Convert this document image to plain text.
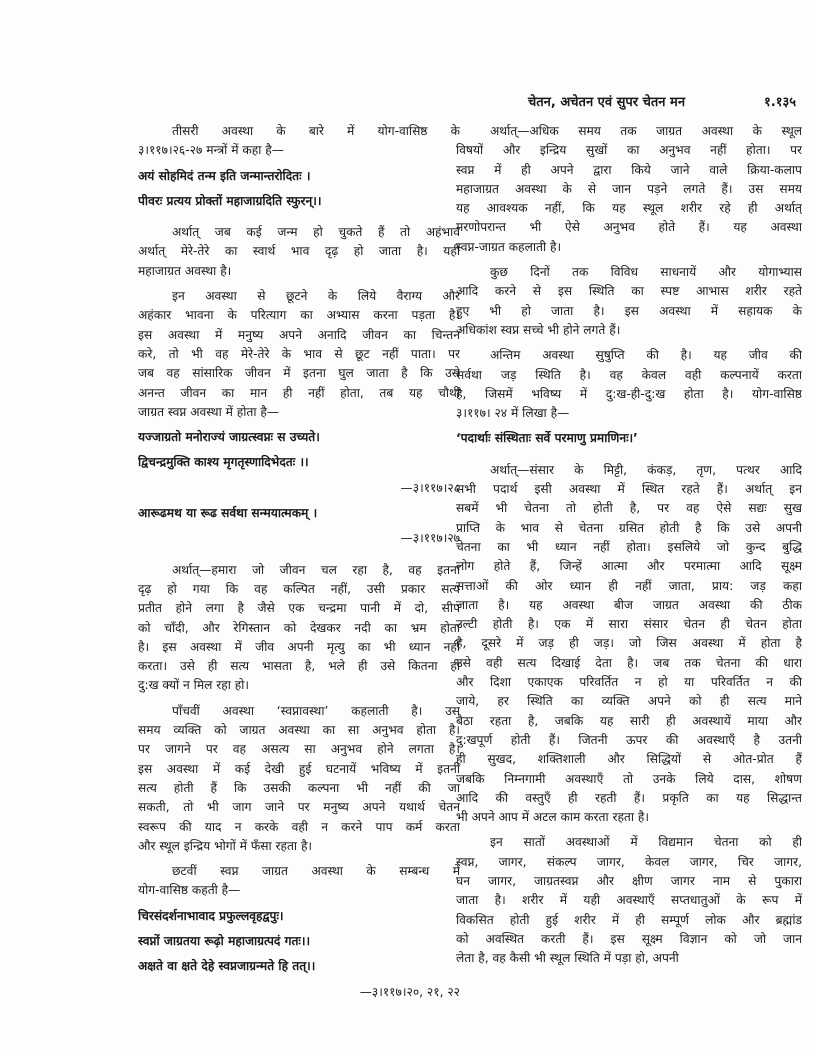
चेतन, अचेतन एवं सुपर चेतन मन	१.१३५
तीसरी अवस्था के बारे में योग-वासिष्ठ के
३।११७।२६-२७ मन्त्रों में कहा है—
अयं सोहमिदं तन्म इति जन्मान्तरोदितः ।
पीवरः प्रत्यय प्रोक्तों महाजाग्रदिति स्फुरन्।।
अर्थात् जब कई जन्म हो चुकते हैं तो अहंभाव
अर्थात् मेरे-तेरे का स्वार्थ भाव दृढ़ हो जाता है। यही
महाजाग्रत अवस्था है।
इन अवस्था से छूटने के लिये वैराग्य और
अहंकार भावना के परित्याग का अभ्यास करना पड़ता है।
इस अवस्था में मनुष्य अपने अनादि जीवन का चिन्तन
करे, तो भी वह मेरे-तेरे के भाव से छूट नहीं पाता। पर
जब वह सांसारिक जीवन में इतना घुल जाता है कि उसे
अनन्त जीवन का मान ही नहीं होता, तब यह चौथी
जाग्रत स्वप्न अवस्था में होता है—
यज्जाग्रतो मनोराज्यं जाग्रत्स्वप्नः स उच्यते।
द्विचन्द्रमुक्ति काश्य मृगतृस्णादिभेदतः ।।
—३।११७।२८
आरूढमथ या रूढ सर्वथा सन्मयात्मकम् ।
—३।११७।२७
अर्थात्—हमारा जो जीवन चल रहा है, वह इतना
दृढ़ हो गया कि वह कल्पित नहीं, उसी प्रकार सत्य
प्रतीत होने लगा है जैसे एक चन्द्रमा पानी में दो, सीप
को चाँदी, और रेगिस्तान को देखकर नदी का भ्रम होता
है। इस अवस्था में जीव अपनी मृत्यु का भी ध्यान नहीं
करता। उसे ही सत्य भासता है, भले ही उसे कितना ही
दु:ख क्यों न मिल रहा हो।
पाँचवीं अवस्था ‘स्वप्नावस्था’ कहलाती है। उस
समय व्यक्ति को जाग्रत अवस्था का सा अनुभव होता है।
पर जागने पर वह असत्य सा अनुभव होने लगता है।
इस अवस्था में कई देखी हुई घटनायें भविष्य में इतनी
सत्य होती हैं कि उसकी कल्पना भी नहीं की जा
सकती, तो भी जाग जाने पर मनुष्य अपने यथार्थ चेतन
स्वरूप की याद न करके वही न करने पाप कर्म करता
और स्थूल इन्द्रिय भोगों में फँसा रहता है।
छटवीं स्वप्न जाग्रत अवस्था के सम्बन्ध में
योग-वासिष्ठ कहती है—
चिरसंदर्शनाभावाद प्रफुल्लवृहद्वपुः।
स्वप्नों जाग्रतया रूढ़ो महाजाग्रत्पदं गतः।।
अक्षते वा क्षते देहे स्वप्नजाग्रन्मते हि तत्।।
—३।११७।२०, २१, २२
अर्थात्—अधिक समय तक जाग्रत अवस्था के स्थूल
विषयों और इन्द्रिय सुखों का अनुभव नहीं होता। पर
स्वप्न में ही अपने द्वारा किये जाने वाले क्रिया-कलाप
महाजाग्रत अवस्था के से जान पड़ने लगते हैं। उस समय
यह आवश्यक नहीं, कि यह स्थूल शरीर रहे ही अर्थात्
मरणोपरान्त भी ऐसे अनुभव होते हैं। यह अवस्था
स्वप्न-जाग्रत कहलाती है।
कुछ दिनों तक विविध साधनायें और योगाभ्यास
आदि करने से इस स्थिति का स्पष्ट आभास शरीर रहते
हुए भी हो जाता है। इस अवस्था में सहायक के
अधिकांश स्वप्न सच्चे भी होने लगते हैं।
अन्तिम अवस्था सुषुप्ति की है। यह जीव की
सर्वथा जड़ स्थिति है। वह केवल वही कल्पनायें करता
है, जिसमें भविष्य में दु:ख-ही-दु:ख होता है। योग-वासिष्ठ
३।११७। २४ में लिखा है—
‘पदार्थाः संस्थिताः सर्वे परमाणु प्रमाणिनः।’
अर्थात्—संसार के मिट्टी, कंकड़, तृण, पत्थर आदि
सभी पदार्थ इसी अवस्था में स्थित रहते हैं। अर्थात् इन
सबमें भी चेतना तो होती है, पर वह ऐसे सद्यः सुख
प्राप्ति के भाव से चेतना ग्रसित होती है कि उसे अपनी
चेतना का भी ध्यान नहीं होता। इसलिये जो कुन्द बुद्धि
लोग होते हैं, जिन्हें आत्मा और परमात्मा आदि सूक्ष्म
सत्ताओं की ओर ध्यान ही नहीं जाता, प्राय: जड़ कहा
जाता है। यह अवस्था बीज जाग्रत अवस्था की ठीक
उल्टी होती है। एक में सारा संसार चेतन ही चेतन होता
है, दूसरे में जड़ ही जड़। जो जिस अवस्था में होता है
उसे वही सत्य दिखाई देता है। जब तक चेतना की धारा
और दिशा एकाएक परिवर्तित न हो या परिवर्तित न की
जाये, हर स्थिति का व्यक्ति अपने को ही सत्य माने
बैठा रहता है, जबकि यह सारी ही अवस्थायें माया और
दु:खपूर्ण होती हैं। जितनी ऊपर की अवस्थाएँ है उतनी
ही सुखद, शक्तिशाली और सिद्धियों से ओत-प्रोत हैं
जबकि निम्नगामी अवस्थाएँ तो उनके लिये दास, शोषण
आदि की वस्तुएँ ही रहती हैं। प्रकृति का यह सिद्धान्त
भी अपने आप में अटल काम करता रहता है।
इन सातों अवस्थाओं में विद्यमान चेतना को ही
स्वप्न, जागर, संकल्प जागर, केवल जागर, चिर जागर,
घन जागर, जाग्रतस्वप्न और क्षीण जागर नाम से पुकारा
जाता है। शरीर में यही अवस्थाएँ सप्तधातुओं के रूप में
विकसित होती हुई शरीर में ही सम्पूर्ण लोक और ब्रह्मांड
को अवस्थित करती हैं। इस सूक्ष्म विज्ञान को जो जान
लेता है, वह कैसी भी स्थूल स्थिति में पड़ा हो, अपनी
